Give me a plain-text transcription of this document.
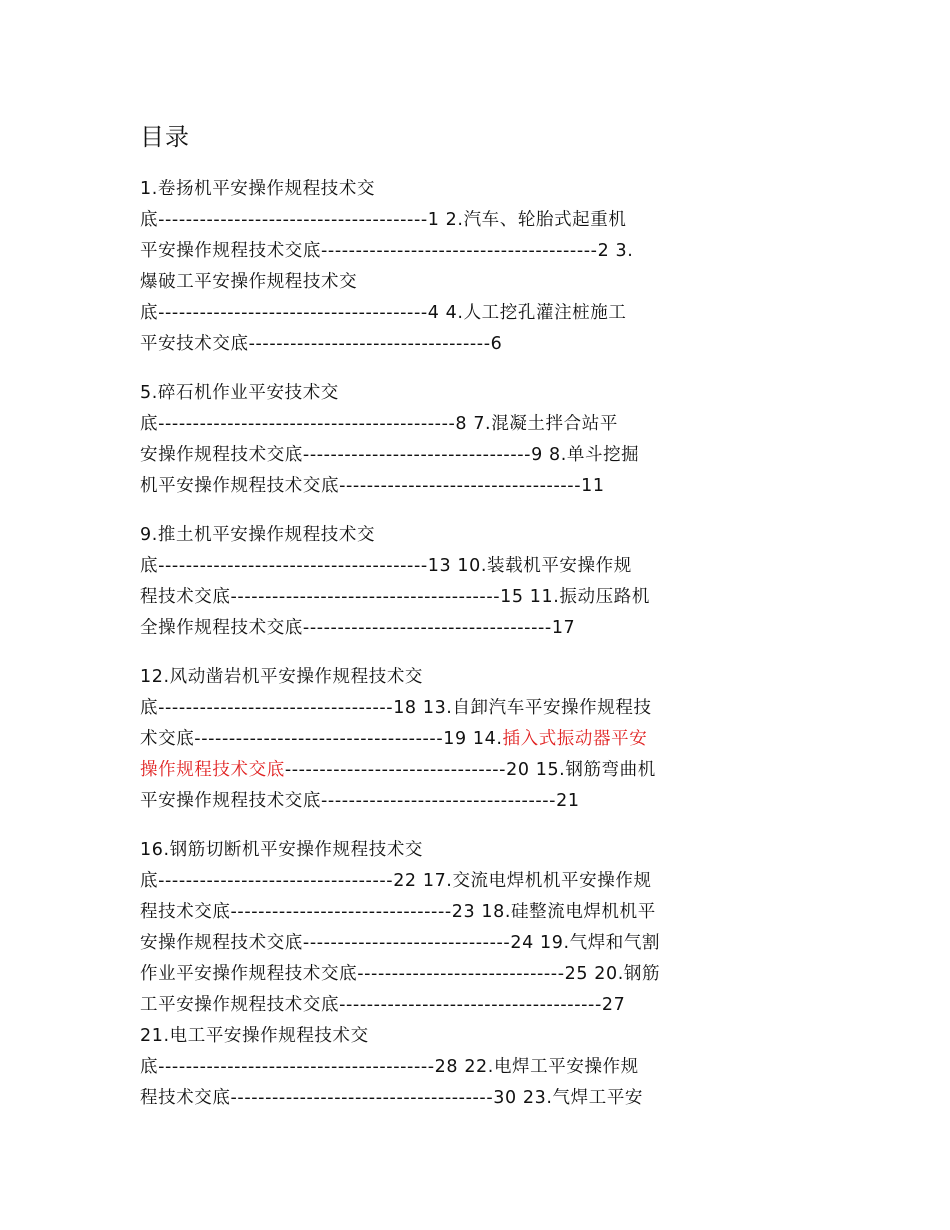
目录
1.卷扬机平安操作规程技术交
底---------------------------------------1 2.汽车、轮胎式起重机
平安操作规程技术交底----------------------------------------2 3.
爆破工平安操作规程技术交
底---------------------------------------4 4.人工挖孔灌注桩施工
平安技术交底-----------------------------------6
5.碎石机作业平安技术交
底-------------------------------------------8 7.混凝土拌合站平
安操作规程技术交底---------------------------------9 8.单斗挖掘
机平安操作规程技术交底-----------------------------------11
9.推土机平安操作规程技术交
底---------------------------------------13 10.装载机平安操作规
程技术交底---------------------------------------15 11.振动压路机
全操作规程技术交底------------------------------------17
12.风动凿岩机平安操作规程技术交
底----------------------------------18 13.自卸汽车平安操作规程技
术交底------------------------------------19 14.插入式振动器平安
操作规程技术交底--------------------------------20 15.钢筋弯曲机
平安操作规程技术交底----------------------------------21
16.钢筋切断机平安操作规程技术交
底----------------------------------22 17.交流电焊机机平安操作规
程技术交底--------------------------------23 18.硅整流电焊机机平
安操作规程技术交底------------------------------24 19.气焊和气割
作业平安操作规程技术交底------------------------------25 20.钢筋
工平安操作规程技术交底--------------------------------------27
21.电工平安操作规程技术交
底----------------------------------------28 22.电焊工平安操作规
程技术交底--------------------------------------30 23.气焊工平安
